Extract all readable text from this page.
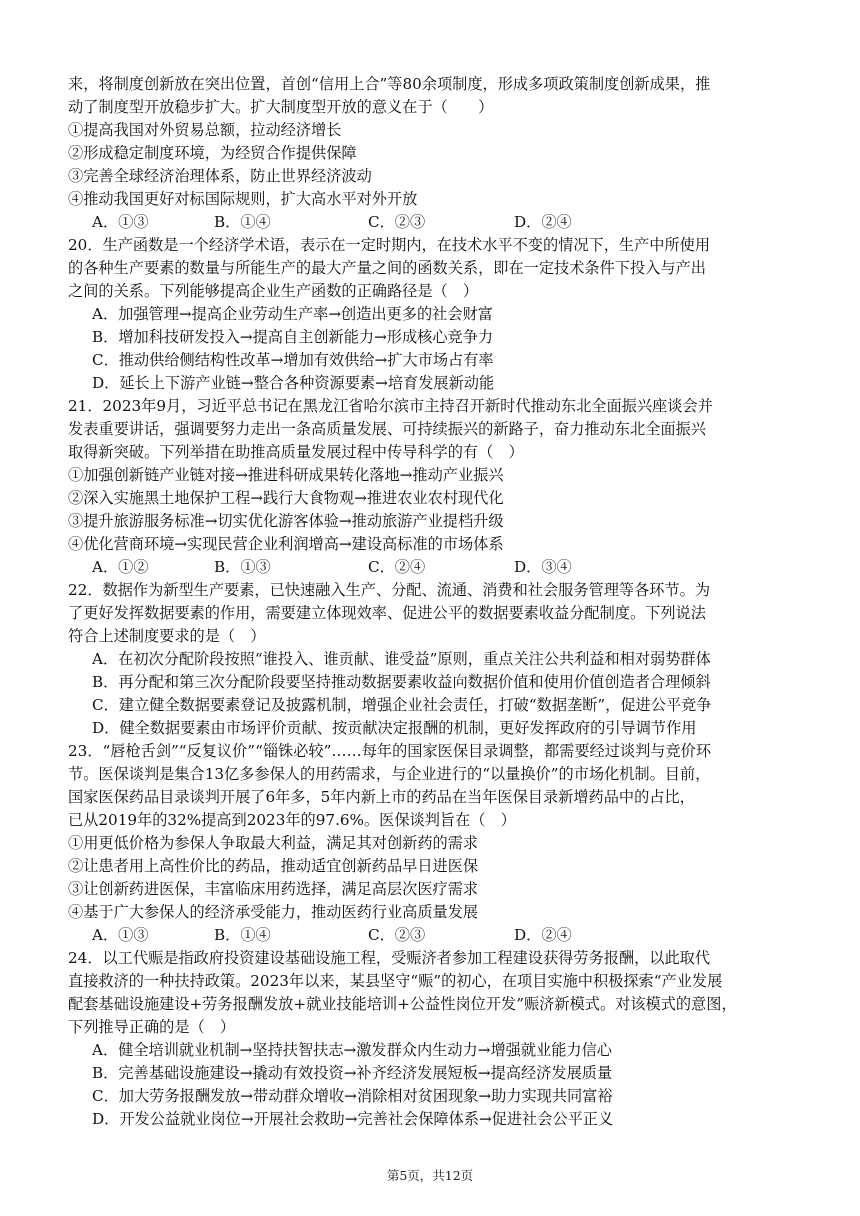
来，将制度创新放在突出位置，首创“信用上合”等80余项制度，形成多项政策制度创新成果，推
动了制度型开放稳步扩大。扩大制度型开放的意义在于（　　）
①提高我国对外贸易总额，拉动经济增长
②形成稳定制度环境，为经贸合作提供保障
③完善全球经济治理体系，防止世界经济波动
④推动我国更好对标国际规则，扩大高水平对外开放
A．①③	B．①④	C．②③	D．②④
20．生产函数是一个经济学术语，表示在一定时期内，在技术水平不变的情况下，生产中所使用
的各种生产要素的数量与所能生产的最大产量之间的函数关系，即在一定技术条件下投入与产出
之间的关系。下列能够提高企业生产函数的正确路径是（　）
A．加强管理→提高企业劳动生产率→创造出更多的社会财富
B．增加科技研发投入→提高自主创新能力→形成核心竞争力
C．推动供给侧结构性改革→增加有效供给→扩大市场占有率
D．延长上下游产业链→整合各种资源要素→培育发展新动能
21．2023年9月，习近平总书记在黑龙江省哈尔滨市主持召开新时代推动东北全面振兴座谈会并
发表重要讲话，强调要努力走出一条高质量发展、可持续振兴的新路子，奋力推动东北全面振兴
取得新突破。下列举措在助推高质量发展过程中传导科学的有（　）
①加强创新链产业链对接→推进科研成果转化落地→推动产业振兴
②深入实施黑土地保护工程→践行大食物观→推进农业农村现代化
③提升旅游服务标准→切实优化游客体验→推动旅游产业提档升级
④优化营商环境→实现民营企业利润增高→建设高标准的市场体系
A．①②	B．①③	C．②④	D．③④
22．数据作为新型生产要素，已快速融入生产、分配、流通、消费和社会服务管理等各环节。为
了更好发挥数据要素的作用，需要建立体现效率、促进公平的数据要素收益分配制度。下列说法
符合上述制度要求的是（　）
A．在初次分配阶段按照“谁投入、谁贡献、谁受益”原则，重点关注公共利益和相对弱势群体
B．再分配和第三次分配阶段要坚持推动数据要素收益向数据价值和使用价值创造者合理倾斜
C．建立健全数据要素登记及披露机制，增强企业社会责任，打破“数据垄断”，促进公平竞争
D．健全数据要素由市场评价贡献、按贡献决定报酬的机制，更好发挥政府的引导调节作用
23．“唇枪舌剑”“反复议价”“锱铢必较”……每年的国家医保目录调整，都需要经过谈判与竞价环
节。医保谈判是集合13亿多参保人的用药需求，与企业进行的“以量换价”的市场化机制。目前，
国家医保药品目录谈判开展了6年多，5年内新上市的药品在当年医保目录新增药品中的占比，
已从2019年的32%提高到2023年的97.6%。医保谈判旨在（　）
①用更低价格为参保人争取最大利益，满足其对创新药的需求
②让患者用上高性价比的药品，推动适宜创新药品早日进医保
③让创新药进医保，丰富临床用药选择，满足高层次医疗需求
④基于广大参保人的经济承受能力，推动医药行业高质量发展
A．①③	B．①④	C．②③	D．②④
24．以工代赈是指政府投资建设基础设施工程，受赈济者参加工程建设获得劳务报酬，以此取代
直接救济的一种扶持政策。2023年以来，某县坚守“赈”的初心，在项目实施中积极探索“产业发展
配套基础设施建设+劳务报酬发放+就业技能培训+公益性岗位开发”赈济新模式。对该模式的意图，
下列推导正确的是（　）
A．健全培训就业机制→坚持扶智扶志→激发群众内生动力→增强就业能力信心
B．完善基础设施建设→撬动有效投资→补齐经济发展短板→提高经济发展质量
C．加大劳务报酬发放→带动群众增收→消除相对贫困现象→助力实现共同富裕
D．开发公益就业岗位→开展社会救助→完善社会保障体系→促进社会公平正义
第5页，共12页
